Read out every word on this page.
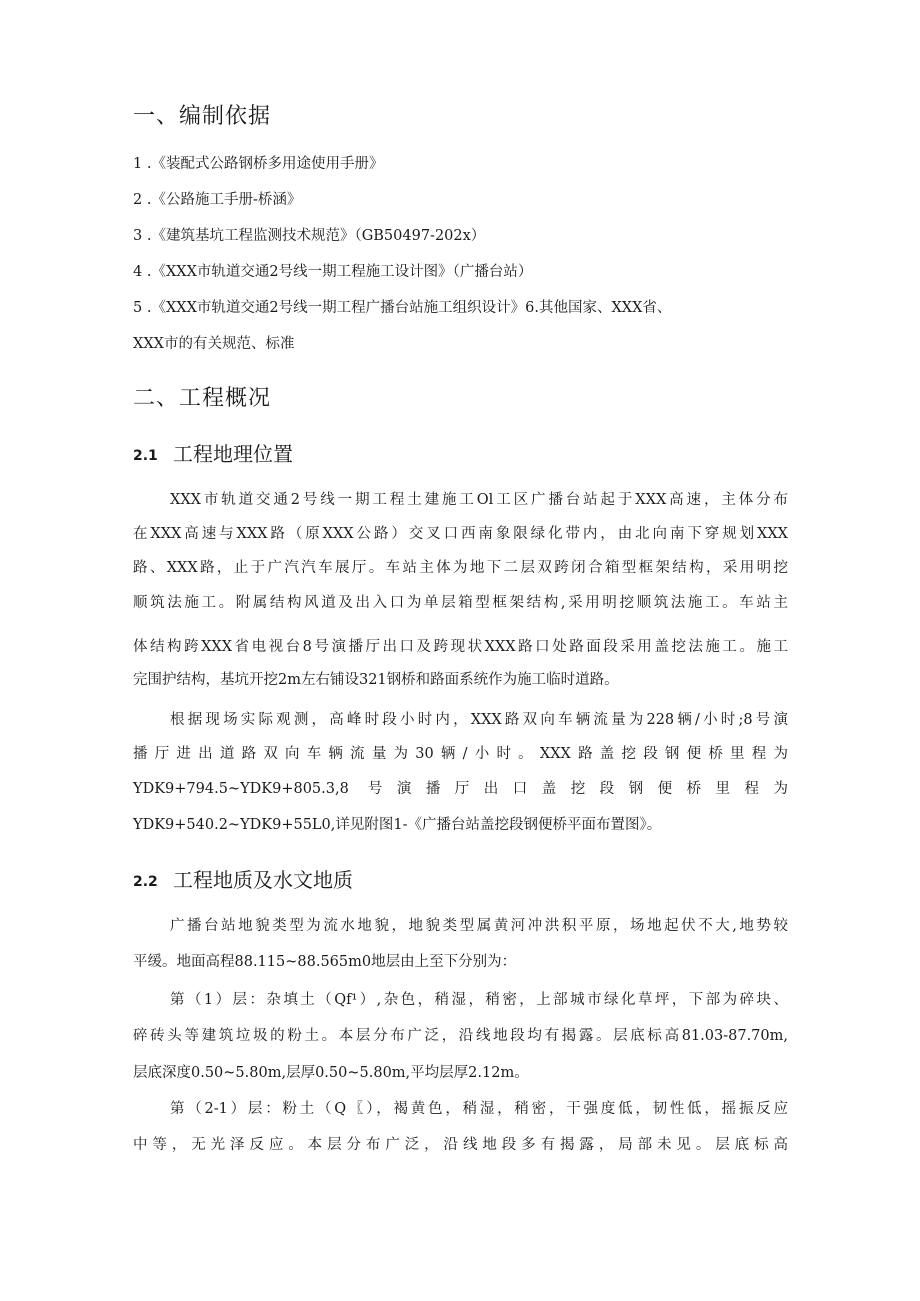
一、编制依据
1 .《装配式公路钢桥多用途使用手册》
2 .《公路施工手册-桥涵》
3 .《建筑基坑工程监测技术规范》（GB50497-202x）
4 .《XXX市轨道交通2号线一期工程施工设计图》（广播台站）
5 .《XXX市轨道交通2号线一期工程广播台站施工组织设计》6.其他国家、XXX省、
XXX市的有关规范、标准
二、工程概况
2.1 工程地理位置
XXX市轨道交通2号线一期工程土建施工Ol工区广播台站起于XXX高速，主体分布
在XXX高速与XXX路（原XXX公路）交叉口西南象限绿化带内，由北向南下穿规划XXX
路、XXX路，止于广汽汽车展厅。车站主体为地下二层双跨闭合箱型框架结构，采用明挖
顺筑法施工。附属结构风道及出入口为单层箱型框架结构,采用明挖顺筑法施工。车站主
体结构跨XXX省电视台8号演播厅出口及跨现状XXX路口处路面段采用盖挖法施工。施工
完围护结构，基坑开挖2m左右铺设321钢桥和路面系统作为施工临时道路。
根据现场实际观测，高峰时段小时内，XXX路双向车辆流量为228辆/小时;8号演
播厅进出道路双向车辆流量为30辆/小时。XXX路盖挖段钢便桥里程为
YDK9+794.5~YDK9+805.3,8 号演播厅出口盖挖段钢便桥里程为
YDK9+540.2~YDK9+55L0,详见附图1-《广播台站盖挖段钢便桥平面布置图》。
2.2 工程地质及水文地质
广播台站地貌类型为流水地貌，地貌类型属黄河冲洪积平原，场地起伏不大,地势较
平缓。地面高程88.115~88.565m0地层由上至下分别为：
第（1）层：杂填土（Qf¹）,杂色，稍湿，稍密，上部城市绿化草坪，下部为碎块、
碎砖头等建筑垃圾的粉土。本层分布广泛，沿线地段均有揭露。层底标高81.03-87.70m,
层底深度0.50~5.80m,层厚0.50~5.80m,平均层厚2.12m。
第（2-1）层：粉土（Q〖），褐黄色，稍湿，稍密，干强度低，韧性低，摇振反应
中等，无光泽反应。本层分布广泛，沿线地段多有揭露，局部未见。层底标高
